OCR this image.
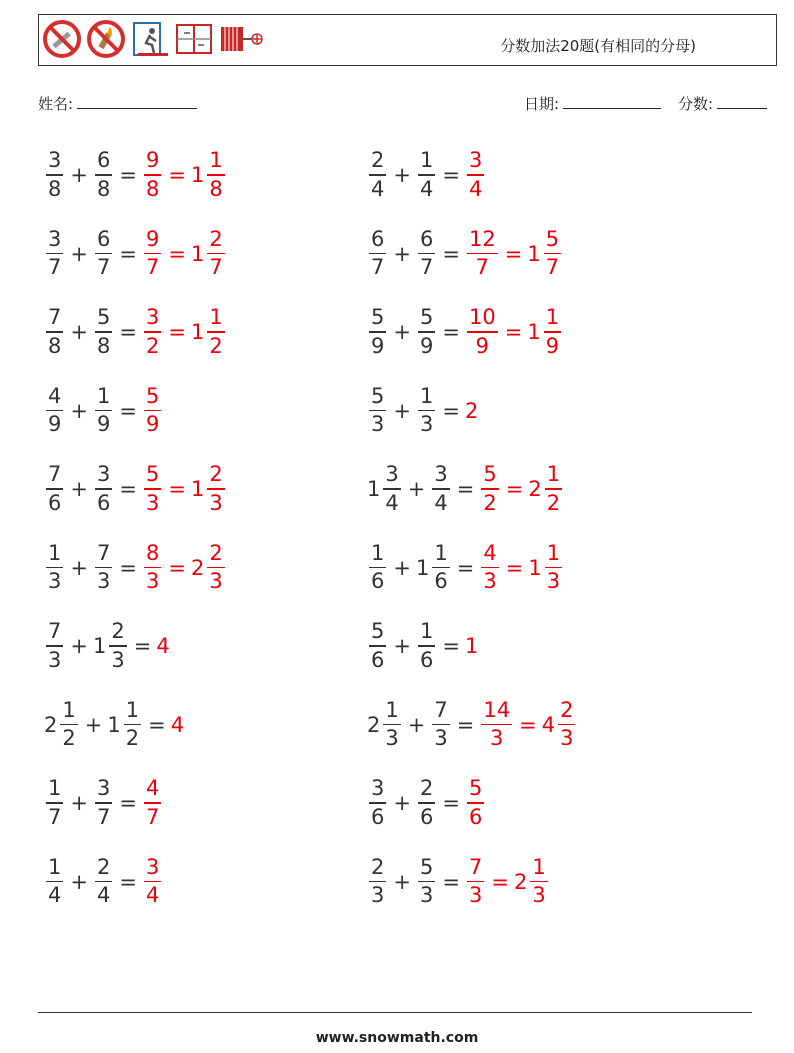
分数加法20题(有相同的分母)
姓名:	日期:	分数:
$\frac{3}{8} + \frac{6}{8} = \frac{9}{8} = 1 \frac{1}{8}$	$\frac{2}{4} + \frac{1}{4} = \frac{3}{4}$
$\frac{3}{7} + \frac{6}{7} = \frac{9}{7} = 1 \frac{2}{7}$	$\frac{6}{7} + \frac{6}{7} = \frac{12}{7} = 1 \frac{5}{7}$
$\frac{7}{8} + \frac{5}{8} = \frac{3}{2} = 1 \frac{1}{2}$	$\frac{5}{9} + \frac{5}{9} = \frac{10}{9} = 1 \frac{1}{9}$
$\frac{4}{9} + \frac{1}{9} = \frac{5}{9}$	$\frac{5}{3} + \frac{1}{3} = 2$
$\frac{7}{6} + \frac{3}{6} = \frac{5}{3} = 1 \frac{2}{3}$	$1 \frac{3}{4} + \frac{3}{4} = \frac{5}{2} = 2 \frac{1}{2}$
$\frac{1}{3} + \frac{7}{3} = \frac{8}{3} = 2 \frac{2}{3}$	$\frac{1}{6} + 1 \frac{1}{6} = \frac{4}{3} = 1 \frac{1}{3}$
$\frac{7}{3} + 1 \frac{2}{3} = 4$	$\frac{5}{6} + \frac{1}{6} = 1$
$2 \frac{1}{2} + 1 \frac{1}{2} = 4$	$2 \frac{1}{3} + \frac{7}{3} = \frac{14}{3} = 4 \frac{2}{3}$
$\frac{1}{7} + \frac{3}{7} = \frac{4}{7}$	$\frac{3}{6} + \frac{2}{6} = \frac{5}{6}$
$\frac{1}{4} + \frac{2}{4} = \frac{3}{4}$	$\frac{2}{3} + \frac{5}{3} = \frac{7}{3} = 2 \frac{1}{3}$
www.snowmath.com
